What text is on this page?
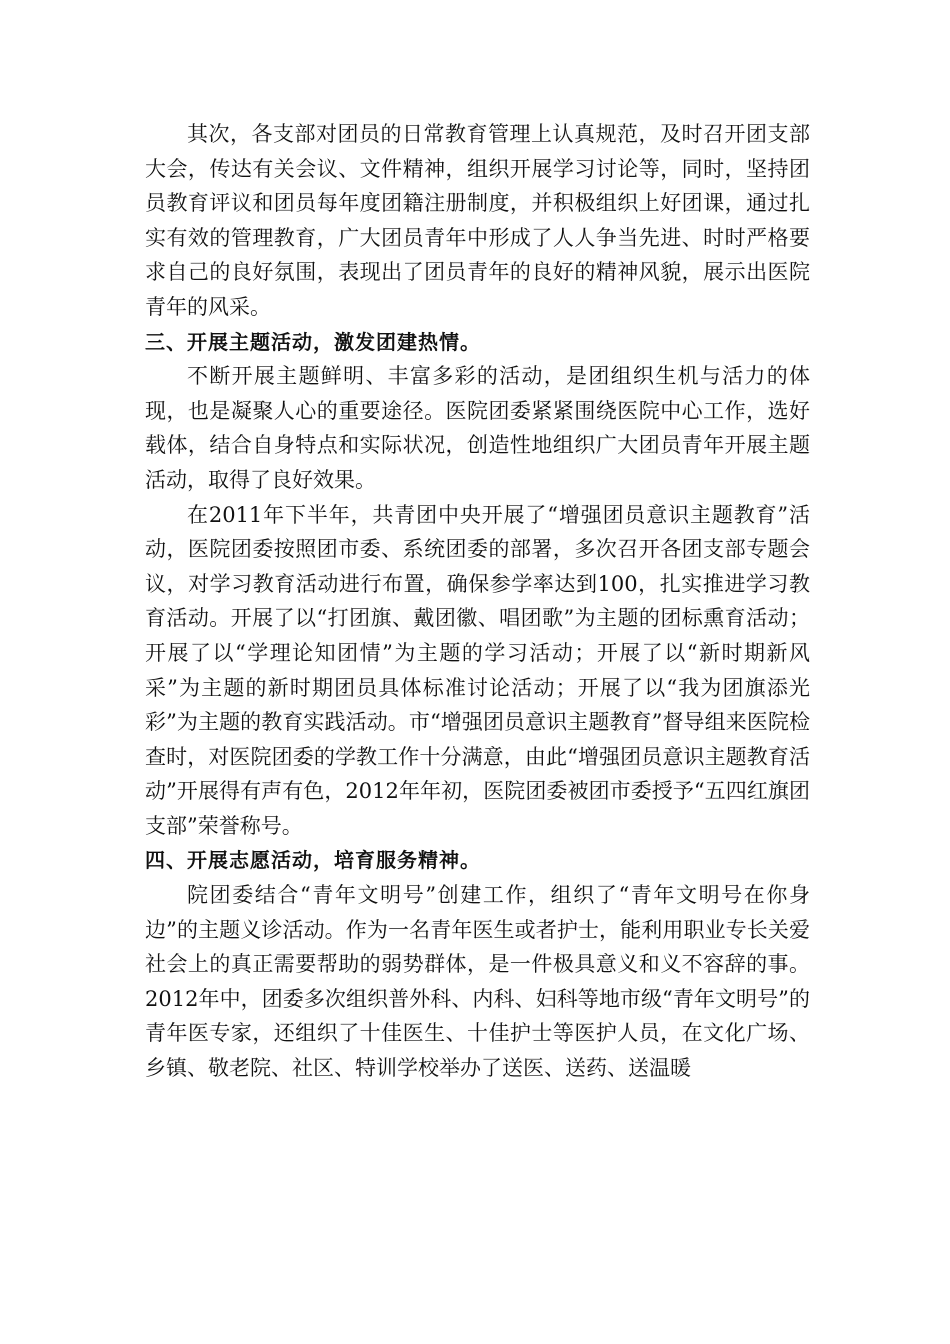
其次，各支部对团员的日常教育管理上认真规范，及时召开团支部大会，传达有关会议、文件精神，组织开展学习讨论等，同时，坚持团员教育评议和团员每年度团籍注册制度，并积极组织上好团课，通过扎实有效的管理教育，广大团员青年中形成了人人争当先进、时时严格要求自己的良好氛围，表现出了团员青年的良好的精神风貌，展示出医院青年的风采。

三、开展主题活动，激发团建热情。

不断开展主题鲜明、丰富多彩的活动，是团组织生机与活力的体现，也是凝聚人心的重要途径。医院团委紧紧围绕医院中心工作，选好载体，结合自身特点和实际状况，创造性地组织广大团员青年开展主题活动，取得了良好效果。

在2011年下半年，共青团中央开展了“增强团员意识主题教育”活动，医院团委按照团市委、系统团委的部署，多次召开各团支部专题会议，对学习教育活动进行布置，确保参学率达到100，扎实推进学习教育活动。开展了以“打团旗、戴团徽、唱团歌”为主题的团标熏育活动；开展了以“学理论知团情”为主题的学习活动；开展了以“新时期新风采”为主题的新时期团员具体标准讨论活动；开展了以“我为团旗添光彩”为主题的教育实践活动。市“增强团员意识主题教育”督导组来医院检查时，对医院团委的学教工作十分满意，由此“增强团员意识主题教育活动”开展得有声有色，2012年年初，医院团委被团市委授予“五四红旗团支部”荣誉称号。

四、开展志愿活动，培育服务精神。

院团委结合“青年文明号”创建工作，组织了“青年文明号在你身边”的主题义诊活动。作为一名青年医生或者护士，能利用职业专长关爱社会上的真正需要帮助的弱势群体，是一件极具意义和义不容辞的事。2012年中，团委多次组织普外科、内科、妇科等地市级“青年文明号”的青年医专家，还组织了十佳医生、十佳护士等医护人员，在文化广场、乡镇、敬老院、社区、特训学校举办了送医、送药、送温暖
